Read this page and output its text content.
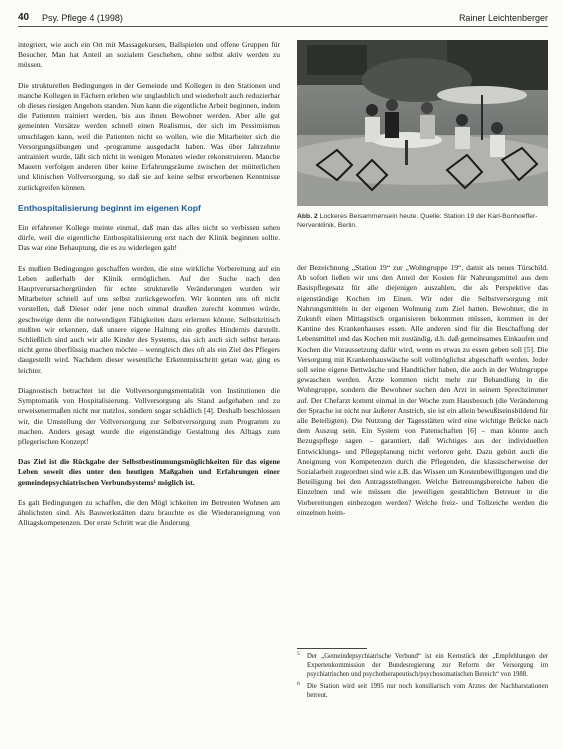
40 Psy. Pflege 4 (1998)	Rainer Leichtenberger

integriert, wie auch ein Ort mit Massagekursen, Ballspielen und offene Gruppen für Besucher. Man hat Anteil an sozialem Geschehen, ohne selbst aktiv werden zu müssen.

Die strukturellen Bedingungen in der Gemeinde und Kollegen in den Stationen und manche Kollegen in Fächern erleben wie unglaublich und wiederholt auch reduzierbar ob dieses riesigen Angebots standen. Nun kann die eigentliche Arbeit beginnen, indem die Patienten trainiert werden, bis aus ihnen Bewohner werden. Aber alle gut gemeinten Vorsätze werden schnell einen Realismus, der sich im Pessimismus umschlagen kann, weil die Patienten nicht so wollen, wie die Mitarbeiter sich die Versorgungsübungen und -programme ausgedacht haben. Was über Jahrzehnte antrainiert wurde, läßt sich nicht in wenigen Monaten wieder rekonstruieren. Manche Mauern verfolgen anderen über keine Erfahrungsräume zwischen der mütterlichen und klinischen Vollversorgung, so daß sie auf keine selbst erworbenen Kenntnisse zurückgreifen können.

Enthospitalisierung beginnt im eigenen Kopf

Ein erfahrener Kollege meinte einmal, daß man das alles nicht so verbissen sehen dürfe, weil die eigentliche Enthospitalisierung erst nach der Klinik beginnen sollte. Das war eine Behauptung, die es zu widerlegen galt!

Es mußten Bedingungen geschaffen werden, die eine wirkliche Vorbereitung auf ein Leben außerhalb der Klinik ermöglichen. Auf der Suche nach den Hauptverursachergründen für echte strukturelle Veränderungen wurden wir Mitarbeiter schnell auf uns selbst zurückgeworfen. Wir konnten uns oft nicht vorstellen, daß Dieser oder jene noch einmal draußen zurecht kommen würde, geschweige denn die notwendigen Fähigkeiten dazu erlernen könnte. Selbstkritisch mußten wir erkennen, daß unsere eigene Haltung ein großes Hindernis darstellt. Schließlich sind auch wir alle Kinder des Systems, das sich auch sich selbst heraus nicht gerne überflüssig machen möchte – wenngleich dies oft als ein Ziel des Pflegers daugestellt wird. Nachdem dieser wesentliche Erkenntnisschritt getan war, ging es leichter.

Diagnostisch betrachtet ist die Vollversorgungsmentalität von Institutionen die Symptomatik von Hospitalisierung. Vollversorgung als Stand aufgehaben und zu erweisenermaßen nicht nur nutzlos, sondern sogar schädlich [4]. Deshalb beschlossen wir, die Umstellung der Vollversorgung zur Selbstversorgung zum Programm zu machen. Anders gesagt wurde die eigenständige Gestaltung des Alltags zum pflegerischen Konzept!

Das Ziel ist die Rückgabe der Selbstbestimmungsmöglichkeiten für das eigene Leben soweit dies unter den heutigen Maßgaben und Erfahrungen einer gemeindepsychiatrischen Verbundsystems¹ möglich ist.

Es galt Bedingungen zu schaffen, die den Mögl ichkeiten im Betreuten Wohnen am ähnlichsten sind. Als Bauwerkstätten dazu brauchte es die Wiederaneignung von Alltagskompetenzen. Der erste Schritt war die Änderung

Abb. 2 Lockeres Beisammensein heute. Quelle: Station 19 der Karl-Bonhoeffer-Nervenklinik, Berlin.

der Bezeichnung „Station 19“ zur „Wohngruppe 19“, damit als neues Türschild. Ab sofort ließen wir uns den Anteil der Kosten für Nahrungsmittel aus dem Basispflegesatz für alle diejenigen auszahlen, die als Perspektive das eigenständige Kochen im Einen. Wir oder die Selbstversorgung mit Nahrungsmitteln in der eigenen Wohnung zum Ziel hatten. Bewohner, die in Zukunft einen Mittagstisch organisieren bekommen müssen, kommen in der Kantine des Krankenhauses essen. Alle anderen sind für die Beschaffung der Lebensmittel und das Kochen mit zuständig, d.h. daß gemeinsames Einkaufen und Kochen die Voraussetzung dafür wird, wenn es etwas zu essen geben soll [5]. Die Versorgung mit Krankenhauswäsche soll vollmöglichst abgeschafft werden. Jeder soll seine eigene Bettwäsche und Handtücher haben, die auch in der Wohngruppe gewaschen werden. Ärzte kommen nicht mehr zur Behandlung in die Wohngruppe, sondern die Bewohner suchen den Arzt in seinem Sprechzimmer auf. Der Chefarzt kommt einmal in der Woche zum Hausbesuch (die Veränderung der Sprache ist nicht nur äußerer Anstrich, sie ist ein allein bewußtseinsbildend für alle Beteiligten). Die Nutzung der Tagesstätten wird eine wichtige Brücke nach dem Auszug sein. Ein System von Patenschaften [6] – man könnte auch Bezugspflege sagen – garantiert, daß Wichtiges aus der individuellen Entwicklungs- und Pflegeplanung nicht verloren geht. Dazu gehört auch die Aneignung von Kompetenzen durch die Pflegenden, die klassischerweise der Sozialarbeit zugeordnet sind wie z.B. das Wissen um Kostenbewilligungen und die Beteiligung bei den Antragsstellungen. Welche Betreuungsbereiche haben die Einzelnen und wie müssen die jeweiligen gestaltlichen Betreuer in die Vorbereitungen einbezogen werden? Welche freiz- und Tollzeiche werden die einzelnen heim-

5 Der „Gemeindepsychiatrische Verbund“ ist ein Kernstück der „Empfehlungen der Expertenkommission der Bundesregierung zur Reform der Versorgung im psychiatrischen und psychotherapeutisch/psychosomatischen Bereich“ von 1988.
6 Die Station wird seit 1995 nur noch konsiliarisch vom Arztes der Nachbarstationen betreut.
